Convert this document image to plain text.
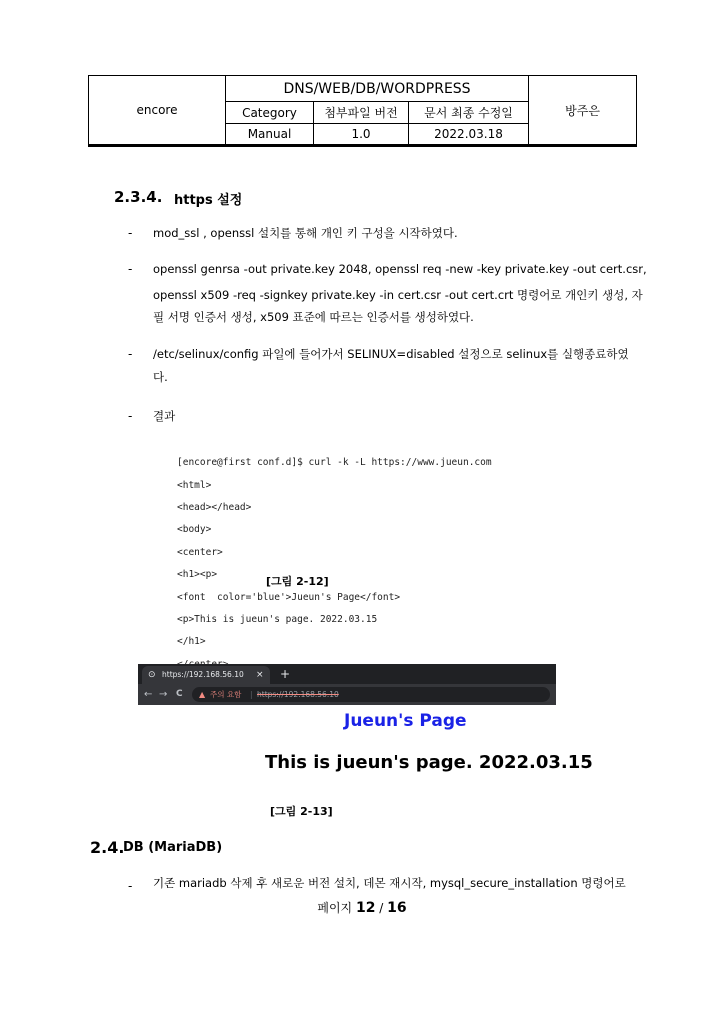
encore	DNS/WEB/DB/WORDPRESS			방주은
	Category	첨부파일 버전	문서 최종 수정일	
	Manual	1.0	2022.03.18	
2.3.4. https 설정
- mod_ssl , openssl 설치를 통해 개인 키 구성을 시작하였다.
- openssl genrsa -out private.key 2048, openssl req -new -key private.key -out cert.csr,
openssl x509 -req -signkey private.key -in cert.csr -out cert.crt 명령어로 개인키 생성, 자
필 서명 인증서 생성, x509 표준에 따르는 인증서를 생성하였다.
- /etc/selinux/config 파일에 들어가서 SELINUX=disabled 설정으로 selinux를 실행종료하였
다.
- 결과

[encore@first conf.d]$ curl -k -L https://www.jueun.com

<html>

<head></head>

<body>

<center>

<h1><p>

<font  color='blue'>Jueun's Page</font>

<p>This is jueun's page. 2022.03.15

</h1>

[그림 2-12]
⊙ https://192.168.56.10 × +
← → C ▲ 주의 요함 | https://192.168.56.10
Jueun's Page
This is jueun's page. 2022.03.15
[그림 2-13]
2.4.
DB (MariaDB)
- 기존 mariadb 삭제 후 새로운 버전 설치, 데몬 재시작, mysql_secure_installation 명령어로
페이지 12 / 16
